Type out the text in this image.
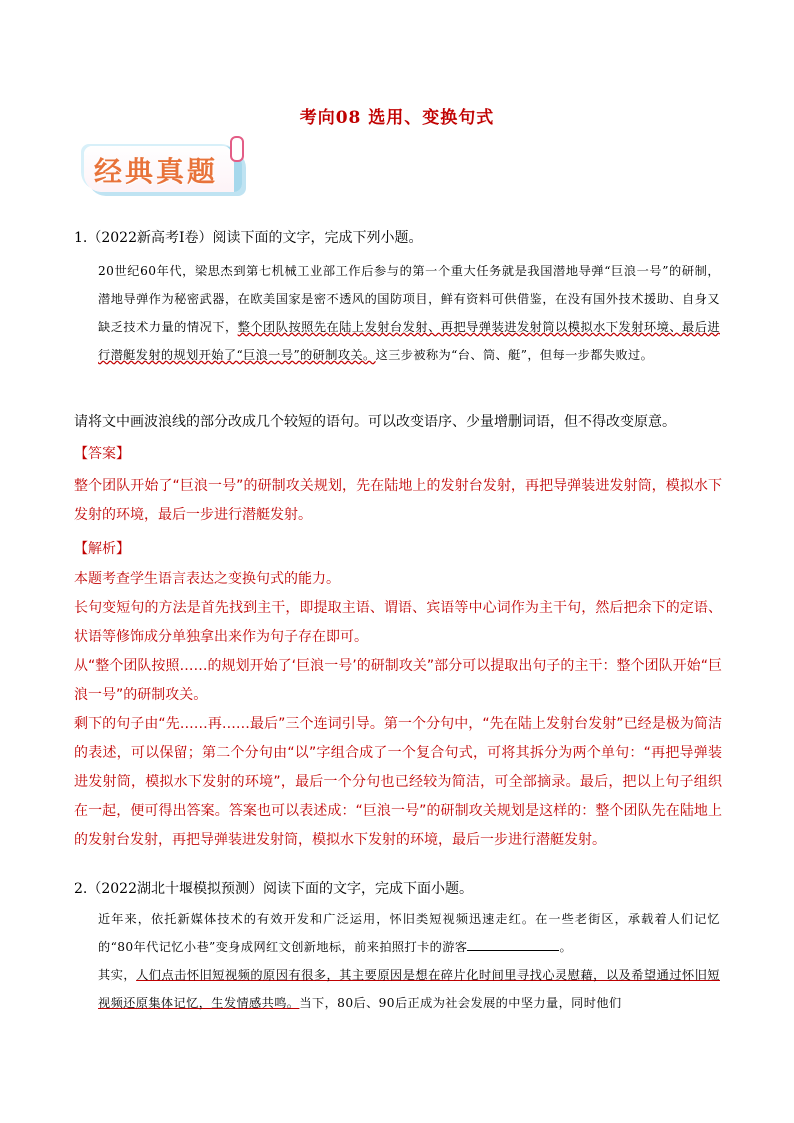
考向08 选用、变换句式
经典真题
1.（2022新高考Ⅰ卷）阅读下面的文字，完成下列小题。
20世纪60年代，梁思杰到第七机械工业部工作后参与的第一个重大任务就是我国潜地导弹“巨浪一号”的研制，潜地导弹作为秘密武器，在欧美国家是密不透风的国防项目，鲜有资料可供借鉴，在没有国外技术援助、自身又缺乏技术力量的情况下，整个团队按照先在陆上发射台发射、再把导弹装进发射筒以模拟水下发射环境、最后进行潜艇发射的规划开始了“巨浪一号”的研制攻关。这三步被称为“台、筒、艇”，但每一步都失败过。
请将文中画波浪线的部分改成几个较短的语句。可以改变语序、少量增删词语，但不得改变原意。
【答案】
整个团队开始了“巨浪一号”的研制攻关规划，先在陆地上的发射台发射，再把导弹装进发射筒，模拟水下发射的环境，最后一步进行潜艇发射。
【解析】
本题考查学生语言表达之变换句式的能力。
长句变短句的方法是首先找到主干，即提取主语、谓语、宾语等中心词作为主干句，然后把余下的定语、状语等修饰成分单独拿出来作为句子存在即可。
从“整个团队按照……的规划开始了‘巨浪一号’的研制攻关”部分可以提取出句子的主干：整个团队开始“巨浪一号”的研制攻关。
剩下的句子由“先……再……最后”三个连词引导。第一个分句中，“先在陆上发射台发射”已经是极为简洁的表述，可以保留；第二个分句由“以”字组合成了一个复合句式，可将其拆分为两个单句：“再把导弹装进发射筒，模拟水下发射的环境”，最后一个分句也已经较为简洁，可全部摘录。最后，把以上句子组织在一起，便可得出答案。答案也可以表述成：“巨浪一号”的研制攻关规划是这样的：整个团队先在陆地上的发射台发射，再把导弹装进发射筒，模拟水下发射的环境，最后一步进行潜艇发射。
2.（2022湖北十堰模拟预测）阅读下面的文字，完成下面小题。
近年来，依托新媒体技术的有效开发和广泛运用，怀旧类短视频迅速走红。在一些老街区，承载着人们记忆的“80年代记忆小巷”变身成网红文创新地标，前来拍照打卡的游客	。
其实，人们点击怀旧短视频的原因有很多，其主要原因是想在碎片化时间里寻找心灵慰藉，以及希望通过怀旧短视频还原集体记忆，生发情感共鸣。当下，80后、90后正成为社会发展的中坚力量，同时他们
